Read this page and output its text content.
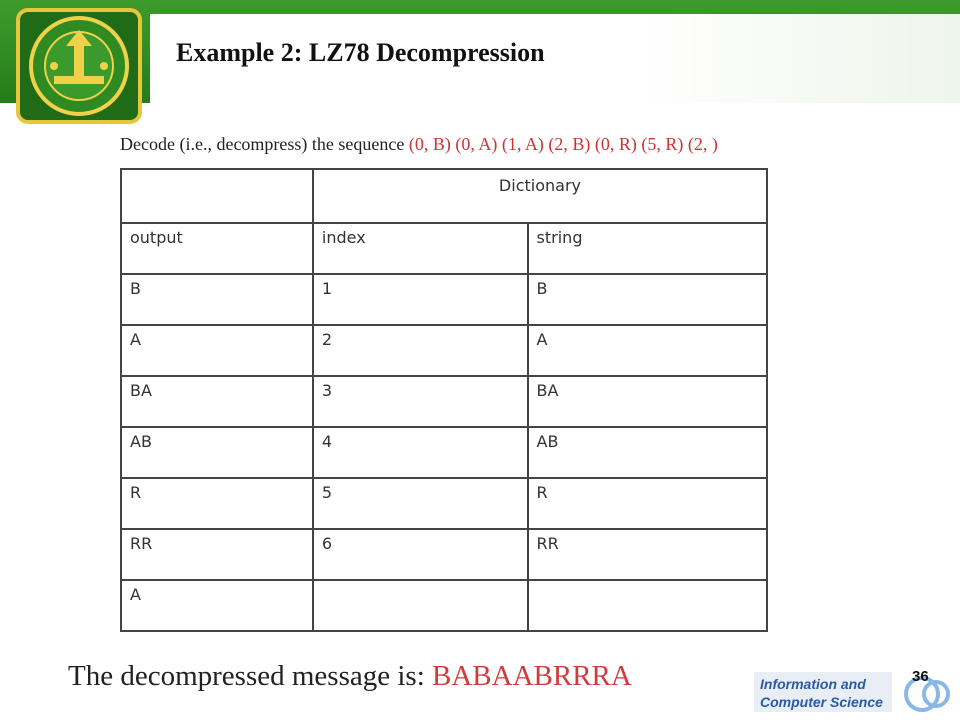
Example 2: LZ78 Decompression
Decode (i.e., decompress) the sequence (0, B) (0, A) (1, A) (2, B) (0, R) (5, R) (2, )
	Dictionary	
output	index	string
B	1	B
A	2	A
BA	3	BA
AB	4	AB
R	5	R
RR	6	RR
A		
The decompressed message is: BABAABRRRA	Information and
Computer Science
36
